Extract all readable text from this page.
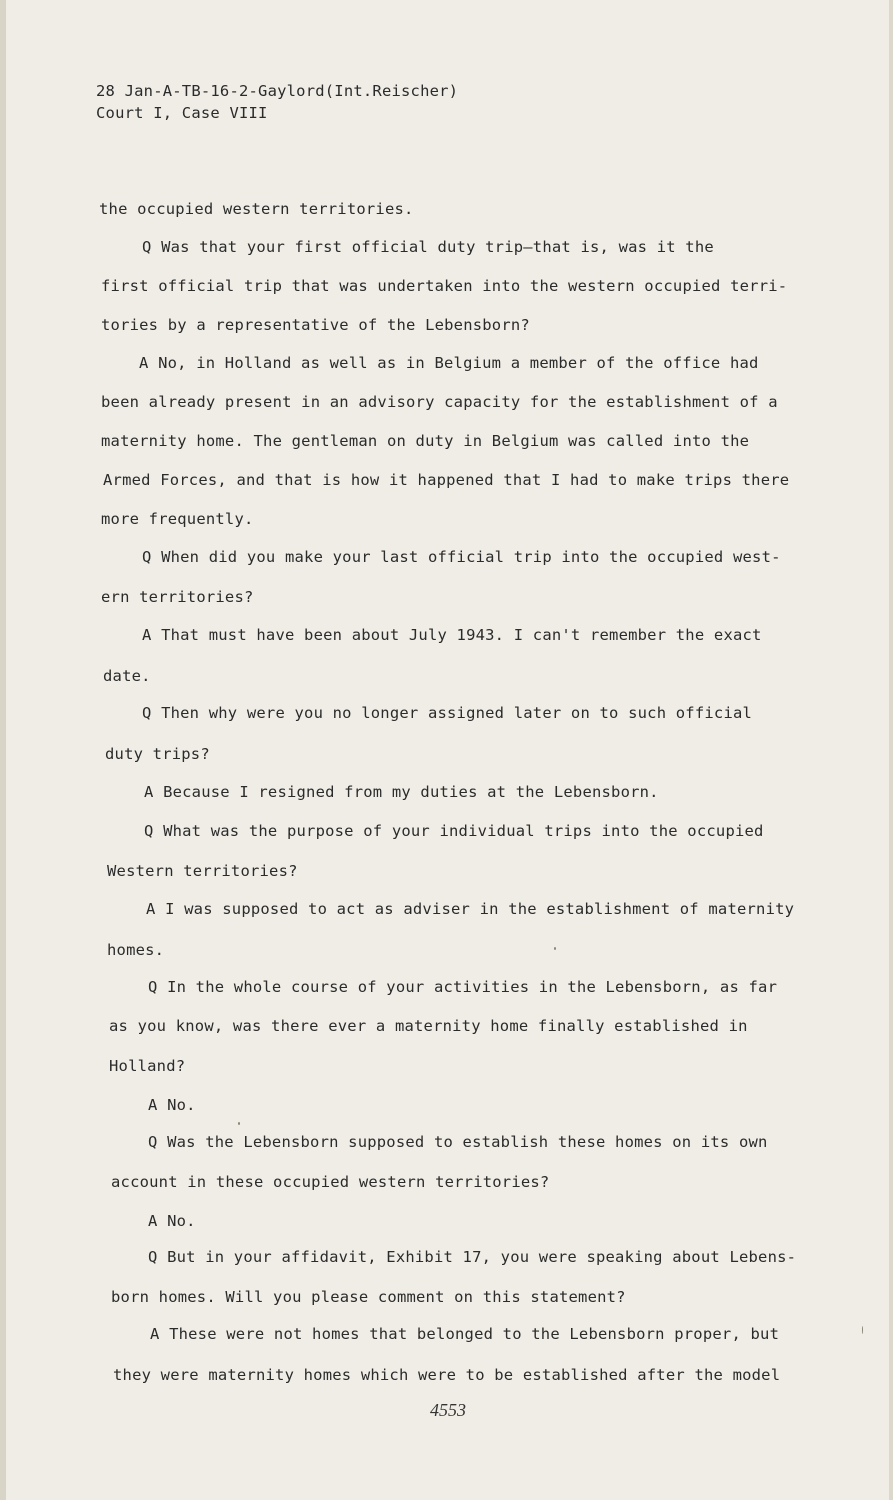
28 Jan-A-TB-16-2-Gaylord(Int.Reischer)
Court I, Case VIII
the occupied western territories.
Q Was that your first official duty trip—that is, was it the
first official trip that was undertaken into the western occupied terri-
tories by a representative of the Lebensborn?
A No, in Holland as well as in Belgium a member of the office had
been already present in an advisory capacity for the establishment of a
maternity home. The gentleman on duty in Belgium was called into the
Armed Forces, and that is how it happened that I had to make trips there
more frequently.
Q When did you make your last official trip into the occupied west-
ern territories?
A That must have been about July 1943. I can't remember the exact
date.
Q Then why were you no longer assigned later on to such official
duty trips?
A Because I resigned from my duties at the Lebensborn.
Q What was the purpose of your individual trips into the occupied
Western territories?
A I was supposed to act as adviser in the establishment of maternity
homes.
Q In the whole course of your activities in the Lebensborn, as far
as you know, was there ever a maternity home finally established in
Holland?
A No.
Q Was the Lebensborn supposed to establish these homes on its own
account in these occupied western territories?
A No.
Q But in your affidavit, Exhibit 17, you were speaking about Lebens-
born homes. Will you please comment on this statement?
A These were not homes that belonged to the Lebensborn proper, but
they were maternity homes which were to be established after the model
4553
